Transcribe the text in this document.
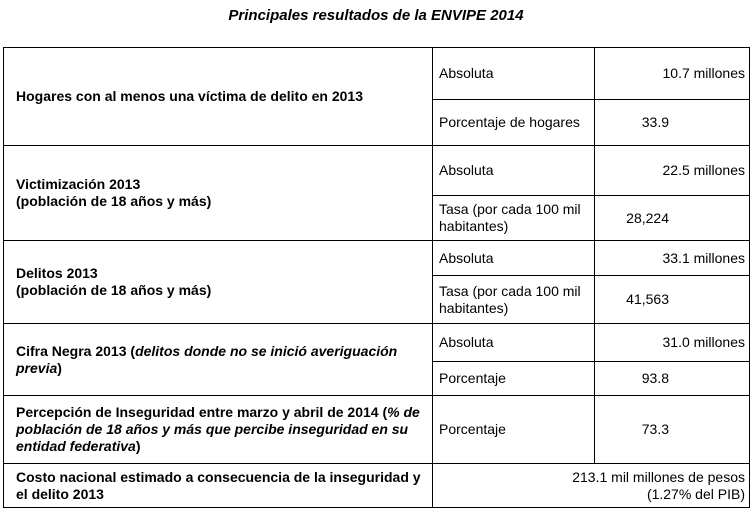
Principales resultados de la ENVIPE 2014
Hogares con al menos una víctima de delito en 2013	Absoluta	10.7 millones
	Porcentaje de hogares	33.9

Victimización 2013
(población de 18 años y más)	Absoluta	22.5 millones
	Tasa (por cada 100 mil habitantes)	28,224

Delitos 2013
(población de 18 años y más)	Absoluta	33.1 millones
	Tasa (por cada 100 mil habitantes)	41,563
Cifra Negra 2013 (delitos donde no se inició averiguación previa)	Absoluta	31.0 millones
	Porcentaje	93.8
Percepción de Inseguridad entre marzo y abril de 2014 (% de población de 18 años y más que percibe inseguridad en su entidad federativa)	Porcentaje	73.3
Costo nacional estimado a consecuencia de la inseguridad y el delito 2013	213.1 mil millones de pesos
(1.27% del PIB)	
